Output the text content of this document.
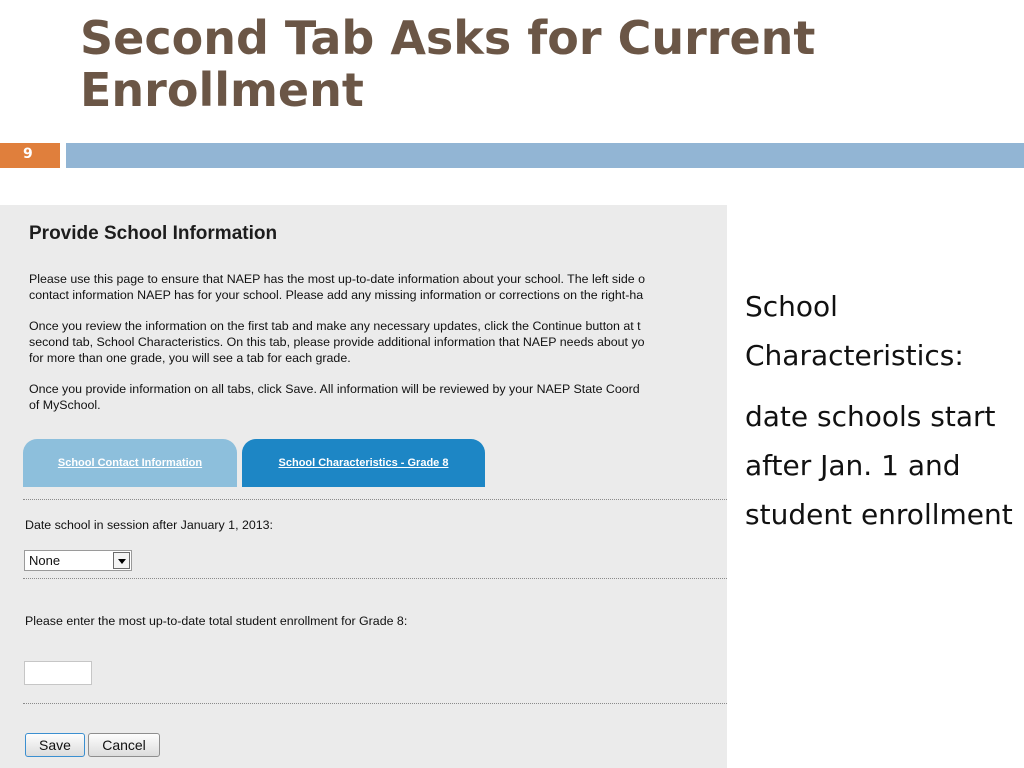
Second Tab Asks for Current Enrollment
9
Provide School Information
Please use this page to ensure that NAEP has the most up-to-date information about your school. The left side o
contact information NAEP has for your school. Please add any missing information or corrections on the right-ha
Once you review the information on the first tab and make any necessary updates, click the Continue button at t
second tab, School Characteristics. On this tab, please provide additional information that NAEP needs about yo
for more than one grade, you will see a tab for each grade.
Once you provide information on all tabs, click Save. All information will be reviewed by your NAEP State Coord
of MySchool.
School Contact Information	School Characteristics - Grade 8
Date school in session after January 1, 2013:
None
Please enter the most up-to-date total student enrollment for Grade 8:
Save	Cancel

School Characteristics:

date schools start after Jan. 1 and student enrollment
